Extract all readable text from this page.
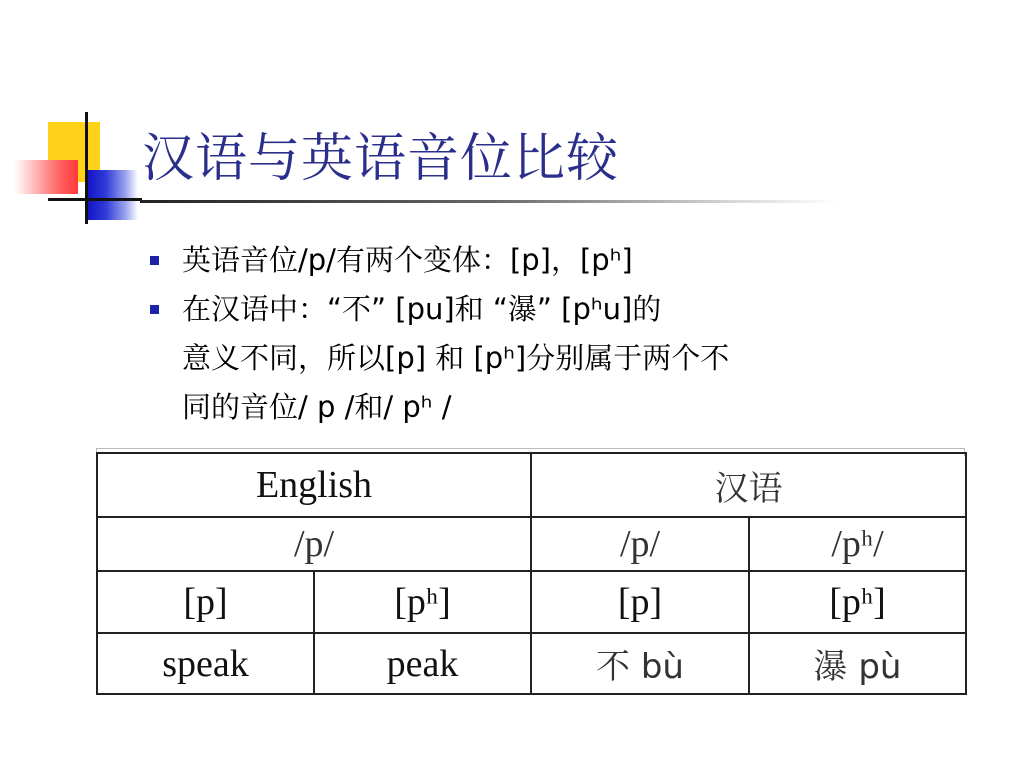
汉语与英语音位比较
英语音位/p/有两个变体：[p]，[pʰ]
在汉语中：“不” [pu]和 “瀑” [pʰu]的
意义不同，所以[p] 和 [pʰ]分别属于两个不
同的音位/ p /和/ pʰ /
English		汉语	
/p/		/p/	/pʰ/
[p]	[pʰ]	[p]	[pʰ]
speak	peak	不 bù	瀑 pù
